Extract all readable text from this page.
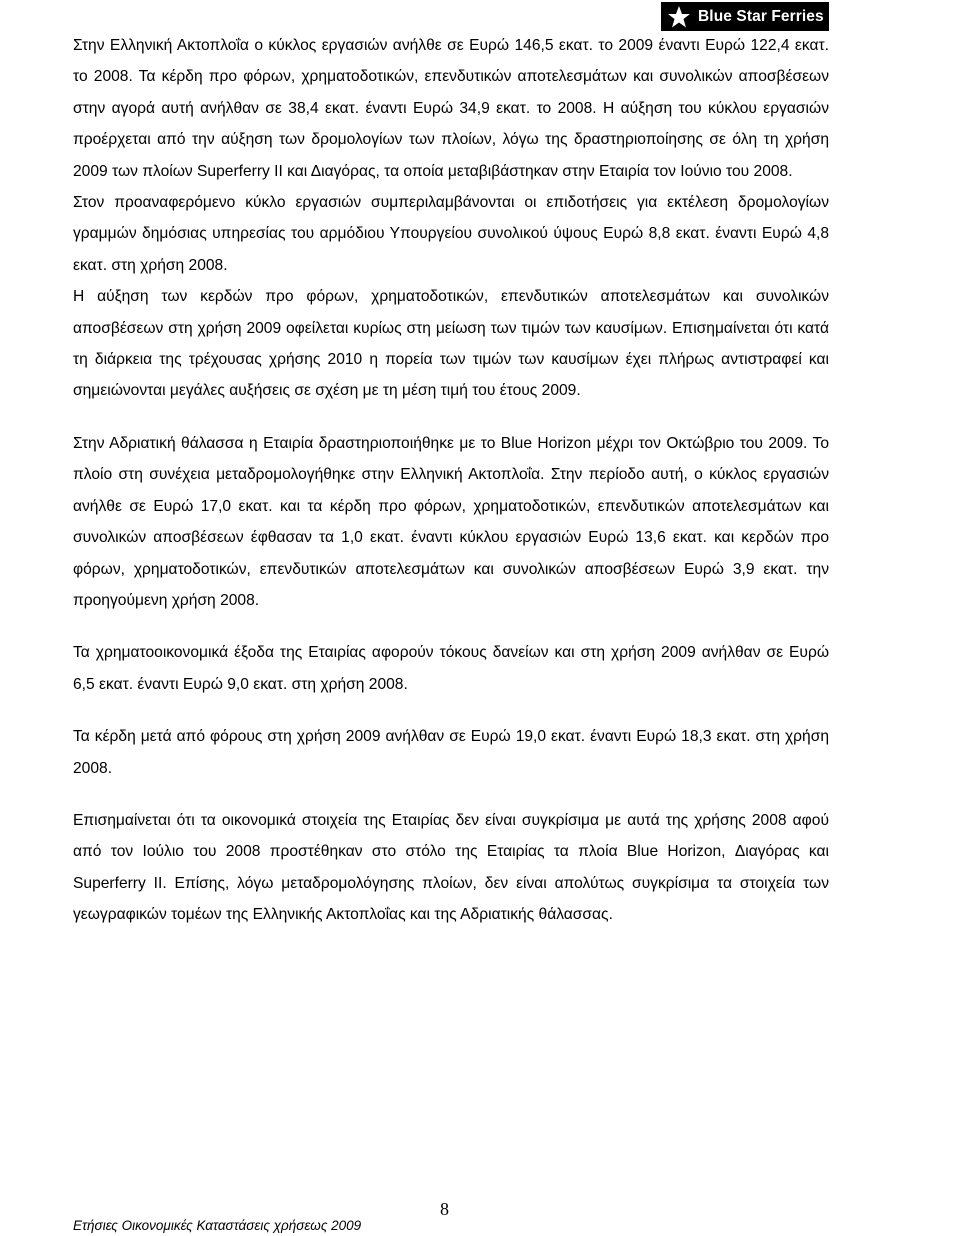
Blue Star Ferries

Στην Ελληνική Ακτοπλοΐα ο κύκλος εργασιών ανήλθε σε Ευρώ 146,5 εκατ. το 2009 έναντι Ευρώ 122,4 εκατ. το 2008. Τα κέρδη προ φόρων, χρηματοδοτικών, επενδυτικών αποτελεσμάτων και συνολικών αποσβέσεων στην αγορά αυτή ανήλθαν σε 38,4 εκατ. έναντι Ευρώ 34,9 εκατ. το 2008. Η αύξηση του κύκλου εργασιών προέρχεται από την αύξηση των δρομολογίων των πλοίων, λόγω της δραστηριοποίησης σε όλη τη χρήση 2009 των πλοίων Superferry II και Διαγόρας, τα οποία μεταβιβάστηκαν στην Εταιρία τον Ιούνιο του 2008.

Στον προαναφερόμενο κύκλο εργασιών συμπεριλαμβάνονται οι επιδοτήσεις για εκτέλεση δρομολογίων γραμμών δημόσιας υπηρεσίας του αρμόδιου Υπουργείου συνολικού ύψους Ευρώ 8,8 εκατ. έναντι Ευρώ 4,8 εκατ. στη χρήση 2008.

Η αύξηση των κερδών προ φόρων, χρηματοδοτικών, επενδυτικών αποτελεσμάτων και συνολικών αποσβέσεων στη χρήση 2009 οφείλεται κυρίως στη μείωση των τιμών των καυσίμων. Επισημαίνεται ότι κατά τη διάρκεια της τρέχουσας χρήσης 2010 η πορεία των τιμών των καυσίμων έχει πλήρως αντιστραφεί και σημειώνονται μεγάλες αυξήσεις σε σχέση με τη μέση τιμή του έτους 2009.

Στην Αδριατική θάλασσα η Εταιρία δραστηριοποιήθηκε με το Blue Horizon μέχρι τον Οκτώβριο του 2009. Το πλοίο στη συνέχεια μεταδρομολογήθηκε στην Ελληνική Ακτοπλοΐα. Στην περίοδο αυτή, ο κύκλος εργασιών ανήλθε σε Ευρώ 17,0 εκατ. και τα κέρδη προ φόρων, χρηματοδοτικών, επενδυτικών αποτελεσμάτων και συνολικών αποσβέσεων έφθασαν τα 1,0 εκατ. έναντι κύκλου εργασιών Ευρώ 13,6 εκατ. και κερδών προ φόρων, χρηματοδοτικών, επενδυτικών αποτελεσμάτων και συνολικών αποσβέσεων Ευρώ 3,9 εκατ. την προηγούμενη χρήση 2008.

Τα χρηματοοικονομικά έξοδα της Εταιρίας αφορούν τόκους δανείων και στη χρήση 2009 ανήλθαν σε Ευρώ 6,5 εκατ. έναντι Ευρώ 9,0 εκατ. στη χρήση 2008.

Τα κέρδη μετά από φόρους στη χρήση 2009 ανήλθαν σε Ευρώ 19,0 εκατ. έναντι Ευρώ 18,3 εκατ. στη χρήση 2008.

Επισημαίνεται ότι τα οικονομικά στοιχεία της Εταιρίας δεν είναι συγκρίσιμα με αυτά της χρήσης 2008 αφού από τον Ιούλιο του 2008 προστέθηκαν στο στόλο της Εταιρίας τα πλοία Blue Horizon, Διαγόρας και Superferry II. Επίσης, λόγω μεταδρομολόγησης πλοίων, δεν είναι απολύτως συγκρίσιμα τα στοιχεία των γεωγραφικών τομέων της Ελληνικής Ακτοπλοΐας και της Αδριατικής θάλασσας.

8
Ετήσιες Οικονομικές Καταστάσεις χρήσεως 2009
